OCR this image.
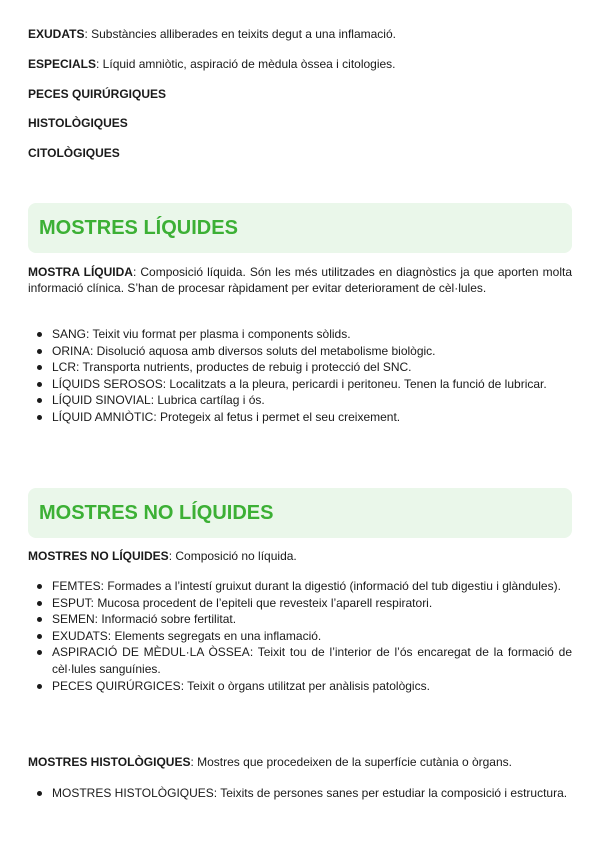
EXUDATS: Substàncies alliberades en teixits degut a una inflamació.

ESPECIALS: Líquid amniòtic, aspiració de mèdula òssea i citologies.

PECES QUIRÚRGIQUES

HISTOLÒGIQUES

CITOLÒGIQUES

MOSTRES LÍQUIDES

MOSTRA LÍQUIDA: Composició líquida. Són les més utilitzades en diagnòstics ja que aporten molta informació clínica. S’han de procesar ràpidament per evitar deteriorament de cèl·lules.

SANG: Teixit viu format per plasma i components sòlids.
ORINA: Disolució aquosa amb diversos soluts del metabolisme biològic.
LCR: Transporta nutrients, productes de rebuig i protecció del SNC.
LÍQUIDS SEROSOS: Localitzats a la pleura, pericardi i peritoneu. Tenen la funció de lubricar.
LÍQUID SINOVIAL: Lubrica cartílag i ós.
LÍQUID AMNIÒTIC: Protegeix al fetus i permet el seu creixement.
MOSTRES NO LÍQUIDES

MOSTRES NO LÍQUIDES: Composició no líquida.

FEMTES: Formades a l’intestí gruixut durant la digestió (informació del tub digestiu i glàndules).
ESPUT: Mucosa procedent de l’epiteli que revesteix l’aparell respiratori.
SEMEN: Informació sobre fertilitat.
EXUDATS: Elements segregats en una inflamació.
ASPIRACIÓ DE MÈDUL·LA ÒSSEA: Teixit tou de l’interior de l’ós encaregat de la formació de cèl·lules sanguínies.
PECES QUIRÚRGICES: Teixit o òrgans utilitzat per anàlisis patològics.

MOSTRES HISTOLÒGIQUES: Mostres que procedeixen de la superfície cutània o òrgans.

MOSTRES HISTOLÒGIQUES: Teixits de persones sanes per estudiar la composició i estructura.
